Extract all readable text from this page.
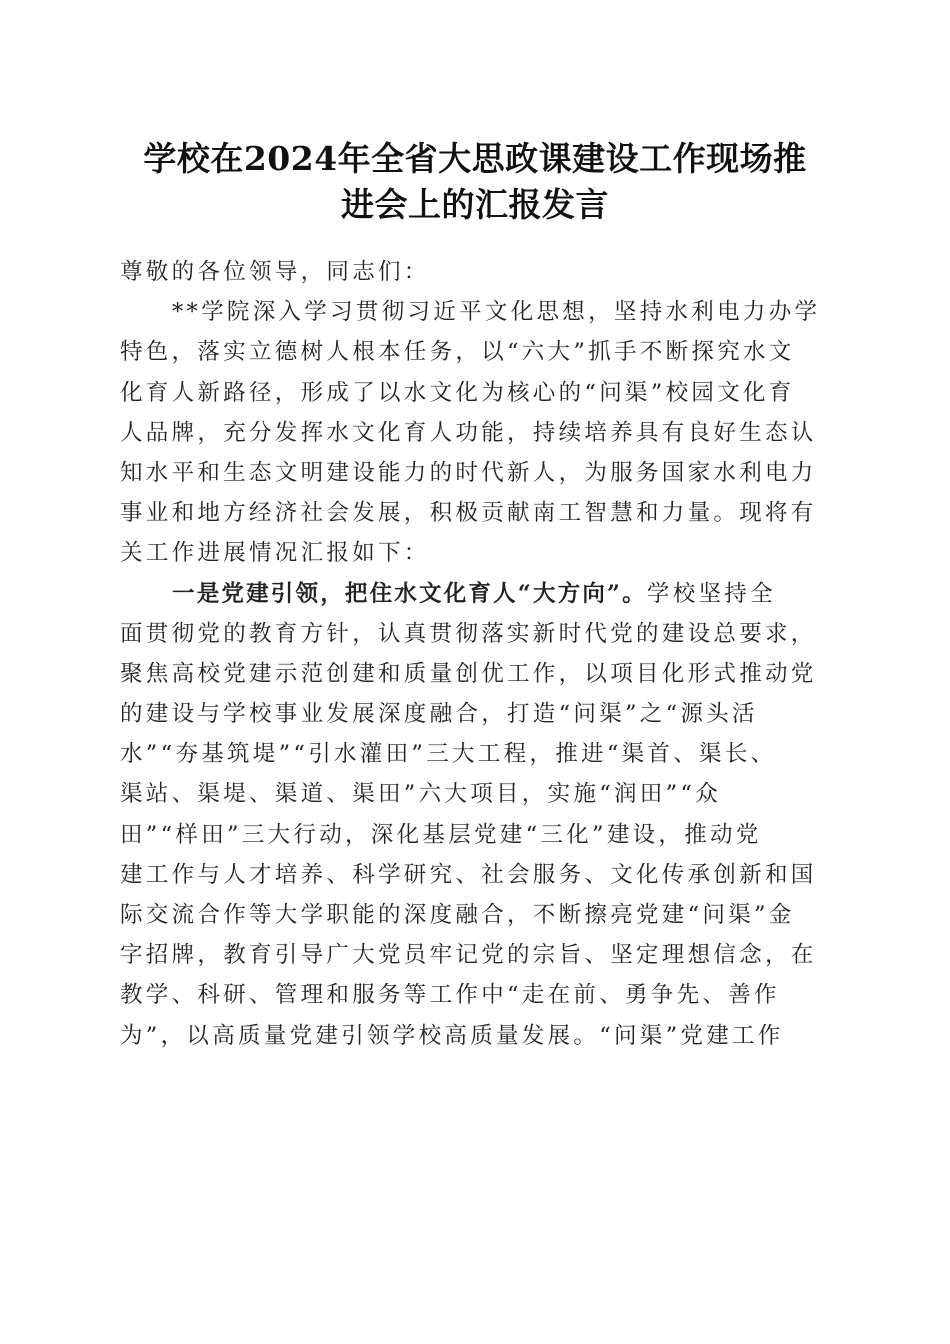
学校在2024年全省大思政课建设工作现场推
进会上的汇报发言
尊敬的各位领导，同志们：
**学院深入学习贯彻习近平文化思想，坚持水利电力办学
特色，落实立德树人根本任务，以“六大”抓手不断探究水文
化育人新路径，形成了以水文化为核心的“问渠”校园文化育
人品牌，充分发挥水文化育人功能，持续培养具有良好生态认
知水平和生态文明建设能力的时代新人，为服务国家水利电力
事业和地方经济社会发展，积极贡献南工智慧和力量。现将有
关工作进展情况汇报如下：
一是党建引领，把住水文化育人“大方向”。学校坚持全
面贯彻党的教育方针，认真贯彻落实新时代党的建设总要求，
聚焦高校党建示范创建和质量创优工作，以项目化形式推动党
的建设与学校事业发展深度融合，打造“问渠”之“源头活
水”“夯基筑堤”“引水灌田”三大工程，推进“渠首、渠长、
渠站、渠堤、渠道、渠田”六大项目，实施“润田”“众
田”“样田”三大行动，深化基层党建“三化”建设，推动党
建工作与人才培养、科学研究、社会服务、文化传承创新和国
际交流合作等大学职能的深度融合，不断擦亮党建“问渠”金
字招牌，教育引导广大党员牢记党的宗旨、坚定理想信念，在
教学、科研、管理和服务等工作中“走在前、勇争先、善作
为”，以高质量党建引领学校高质量发展。“问渠”党建工作
